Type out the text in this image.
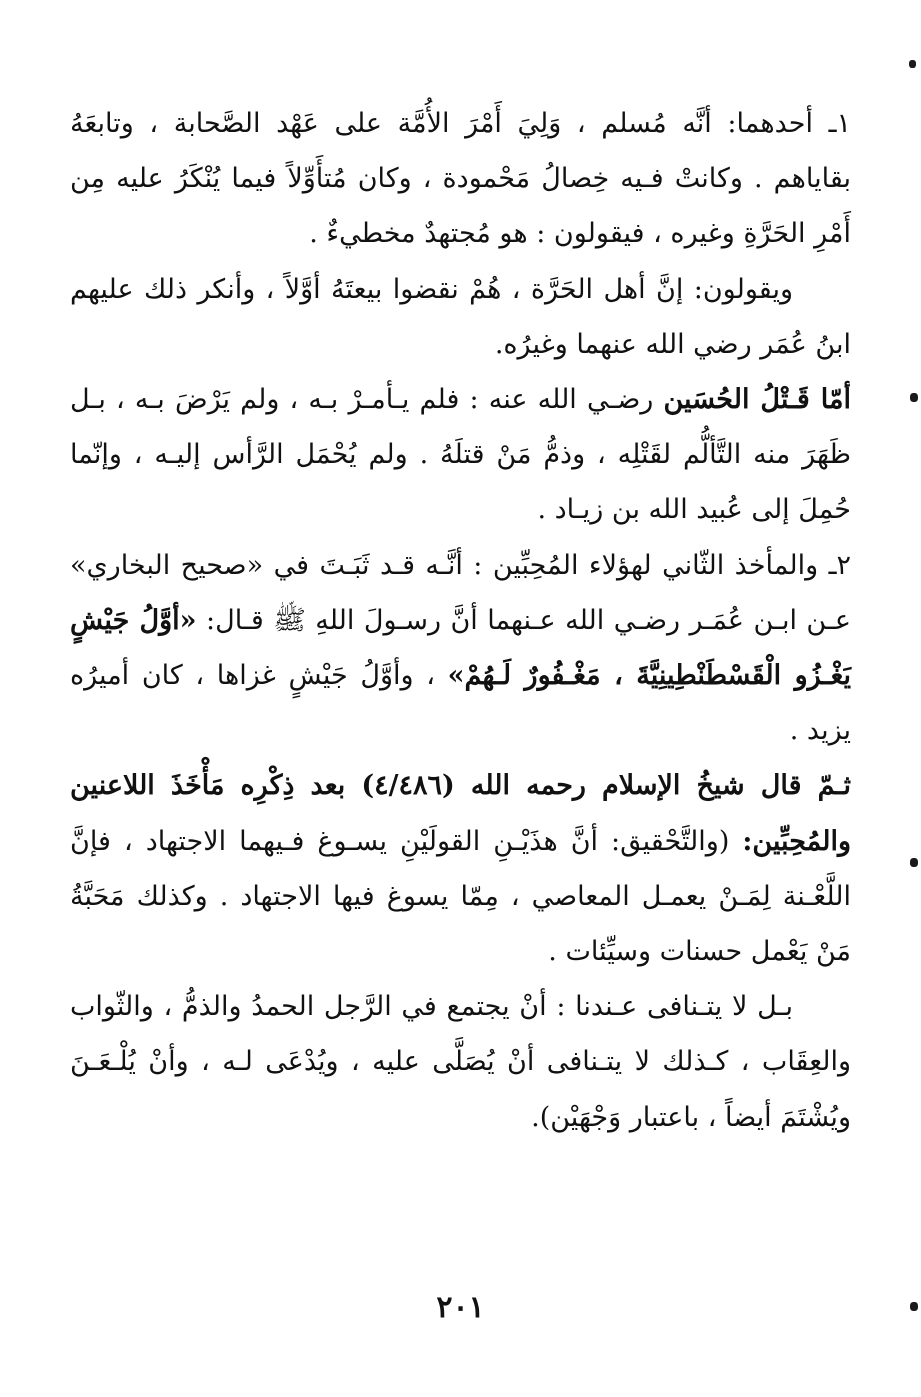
١ـ أحدهما: أنَّه مُسلم ، وَلِيَ أَمْرَ الأُمَّة على عَهْد الصَّحابة ، وتابعَهُ بقاياهم . وكانتْ فـيه خِصالُ مَحْمودة ، وكان مُتأَوِّلاً فيما يُنْكَرُ عليه مِن أَمْرِ الحَرَّةِ وغيره ، فيقولون : هو مُجتهدٌ مخطيءٌ .

ويقولون: إنَّ أهل الحَرَّة ، هُمْ نقضوا بيعتَهُ أوَّلاً ، وأنكر ذلك عليهم ابنُ عُمَر رضي الله عنهما وغيرُه.

أمّا قَـتْلُ الحُسَين رضـي الله عنه : فلم يـأمـرْ بـه ، ولم يَرْضَ بـه ، بـل ظَهَرَ منه التَّألُّم لقَتْلِه ، وذمُّ مَنْ قتلَهُ . ولم يُحْمَل الرَّأس إليـه ، وإنّما حُمِلَ إلى عُبيد الله بن زيـاد .

٢ـ والمأخذ الثّاني لهؤلاء المُحِبِّين : أنَّـه قـد ثَبَـتَ في «صحيح البخاري» عـن ابـن عُمَـر رضـي الله عـنهما أنَّ رسـولَ اللهِ ﷺ قـال: «أوَّلُ جَيْشٍ يَغْـزُو الْقَسْطَنْطِينِيَّةَ ، مَغْـفُورٌ لَـهُمْ» ، وأوَّلُ جَيْشٍ غزاها ، كان أميرُه يزيد .

ثـمّ قال شيخُ الإسلام رحمه الله (٤/٤٨٦) بعد ذِكْرِه مَأْخَذَ اللاعنين والمُحِبِّين: (والتَّحْقيق: أنَّ هذَيْـنِ القولَيْنِ يسـوغ فـيهما الاجتهاد ، فإنَّ اللَّعْـنة لِمَـنْ يعمـل المعاصي ، مِمّا يسوغ فيها الاجتهاد . وكذلك مَحَبَّةُ مَنْ يَعْمل حسنات وسيِّئات .

بـل لا يتـنافى عـندنا : أنْ يجتمع في الرَّجل الحمدُ والذمُّ ، والثّواب والعِقَاب ، كـذلك لا يتـنافى أنْ يُصَلَّى عليه ، ويُدْعَى لـه ، وأنْ يُلْـعَـنَ ويُشْتَمَ أيضاً ، باعتبار وَجْهَيْن).

٢٠١
